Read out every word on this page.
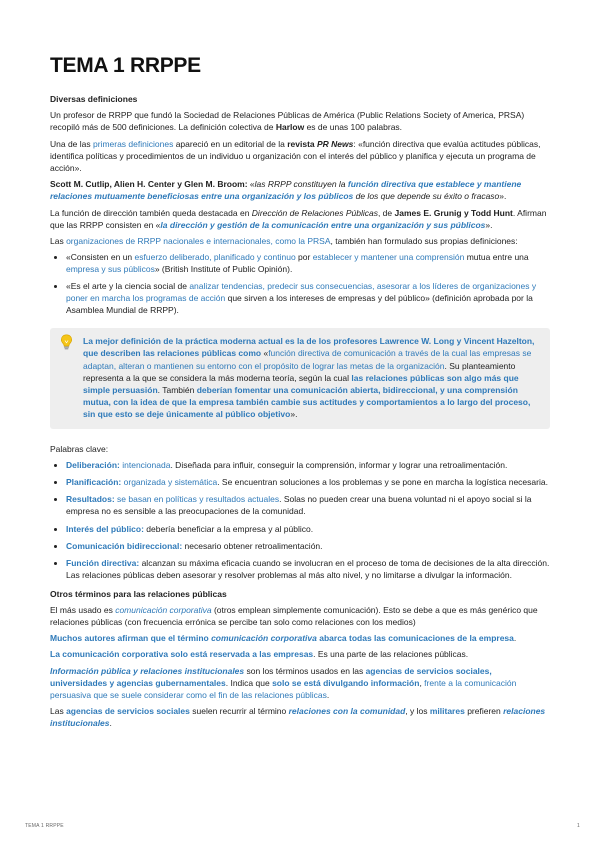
TEMA 1 RRPPE

Diversas definiciones

Un profesor de RRPP que fundó la Sociedad de Relaciones Públicas de América (Public Relations Society of America, PRSA) recopiló más de 500 definiciones. La definición colectiva de Harlow es de unas 100 palabras.

Una de las primeras definiciones apareció en un editorial de la revista PR News: «función directiva que evalúa actitudes públicas, identifica políticas y procedimientos de un individuo u organización con el interés del público y planifica y ejecuta un programa de acción».

Scott M. Cutlip, Alien H. Center y Glen M. Broom: «las RRPP constituyen la función directiva que establece y mantiene relaciones mutuamente beneficiosas entre una organización y los públicos de los que depende su éxito o fracaso».

La función de dirección también queda destacada en Dirección de Relaciones Públicas, de James E. Grunig y Todd Hunt. Afirman que las RRPP consisten en «la dirección y gestión de la comunicación entre una organización y sus públicos».

Las organizaciones de RRPP nacionales e internacionales, como la PRSA, también han formulado sus propias definiciones:

• «Consisten en un esfuerzo deliberado, planificado y continuo por establecer y mantener una comprensión mutua entre una empresa y sus públicos» (British Institute of Public Opinión).
• «Es el arte y la ciencia social de analizar tendencias, predecir sus consecuencias, asesorar a los líderes de organizaciones y poner en marcha los programas de acción que sirven a los intereses de empresas y del público» (definición aprobada por la Asamblea Mundial de RRPP).
La mejor definición de la práctica moderna actual es la de los profesores Lawrence W. Long y Vincent Hazelton, que describen las relaciones públicas como «función directiva de comunicación a través de la cual las empresas se adaptan, alteran o mantienen su entorno con el propósito de lograr las metas de la organización. Su planteamiento representa a la que se considera la más moderna teoría, según la cual las relaciones públicas son algo más que simple persuasión. También deberían fomentar una comunicación abierta, bidireccional, y una comprensión mutua, con la idea de que la empresa también cambie sus actitudes y comportamientos a lo largo del proceso, sin que esto se deje únicamente al público objetivo».

Palabras clave:

• Deliberación: intencionada. Diseñada para influir, conseguir la comprensión, informar y lograr una retroalimentación.
• Planificación: organizada y sistemática. Se encuentran soluciones a los problemas y se pone en marcha la logística necesaria.
• Resultados: se basan en políticas y resultados actuales. Solas no pueden crear una buena voluntad ni el apoyo social si la empresa no es sensible a las preocupaciones de la comunidad.
• Interés del público: debería beneficiar a la empresa y al público.
• Comunicación bidireccional: necesario obtener retroalimentación.
• Función directiva: alcanzan su máxima eficacia cuando se involucran en el proceso de toma de decisiones de la alta dirección. Las relaciones públicas deben asesorar y resolver problemas al más alto nivel, y no limitarse a divulgar la información.

Otros términos para las relaciones públicas

El más usado es comunicación corporativa (otros emplean simplemente comunicación). Esto se debe a que es más genérico que relaciones públicas (con frecuencia errónica se percibe tan solo como relaciones con los medios)

Muchos autores afirman que el término comunicación corporativa abarca todas las comunicaciones de la empresa.

La comunicación corporativa solo está reservada a las empresas. Es una parte de las relaciones públicas.

Información pública y relaciones institucionales son los términos usados en las agencias de servicios sociales, universidades y agencias gubernamentales. Indica que solo se está divulgando información, frente a la comunicación persuasiva que se suele considerar como el fin de las relaciones públicas.

Las agencias de servicios sociales suelen recurrir al término relaciones con la comunidad, y los militares prefieren relaciones institucionales.

TEMA 1 RRPPE	1
